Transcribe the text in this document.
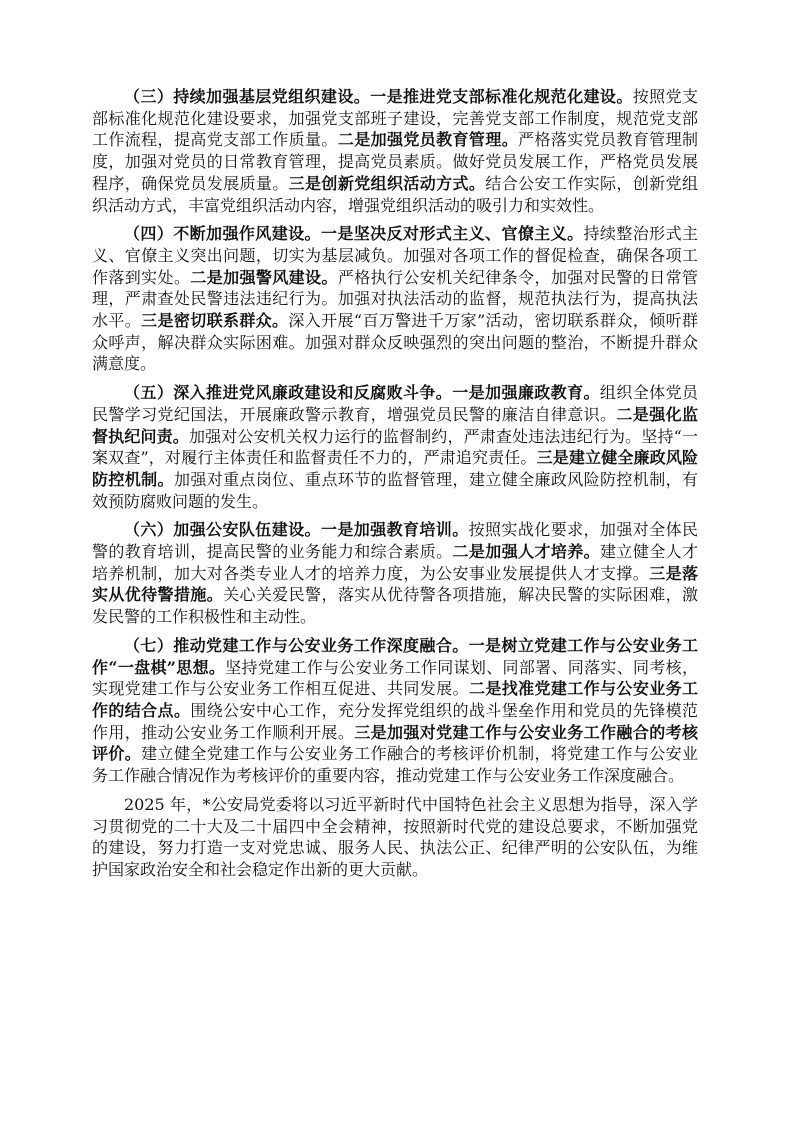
（三）持续加强基层党组织建设。一是推进党支部标准化规范化建设。按照党支部标准化规范化建设要求，加强党支部班子建设，完善党支部工作制度，规范党支部工作流程，提高党支部工作质量。二是加强党员教育管理。严格落实党员教育管理制度，加强对党员的日常教育管理，提高党员素质。做好党员发展工作，严格党员发展程序，确保党员发展质量。三是创新党组织活动方式。结合公安工作实际，创新党组织活动方式，丰富党组织活动内容，增强党组织活动的吸引力和实效性。

（四）不断加强作风建设。一是坚决反对形式主义、官僚主义。持续整治形式主义、官僚主义突出问题，切实为基层减负。加强对各项工作的督促检查，确保各项工作落到实处。二是加强警风建设。严格执行公安机关纪律条令，加强对民警的日常管理，严肃查处民警违法违纪行为。加强对执法活动的监督，规范执法行为，提高执法水平。三是密切联系群众。深入开展“百万警进千万家”活动，密切联系群众，倾听群众呼声，解决群众实际困难。加强对群众反映强烈的突出问题的整治，不断提升群众满意度。

（五）深入推进党风廉政建设和反腐败斗争。一是加强廉政教育。组织全体党员民警学习党纪国法，开展廉政警示教育，增强党员民警的廉洁自律意识。二是强化监督执纪问责。加强对公安机关权力运行的监督制约，严肃查处违法违纪行为。坚持“一案双查”，对履行主体责任和监督责任不力的，严肃追究责任。三是建立健全廉政风险防控机制。加强对重点岗位、重点环节的监督管理，建立健全廉政风险防控机制，有效预防腐败问题的发生。

（六）加强公安队伍建设。一是加强教育培训。按照实战化要求，加强对全体民警的教育培训，提高民警的业务能力和综合素质。二是加强人才培养。建立健全人才培养机制，加大对各类专业人才的培养力度，为公安事业发展提供人才支撑。三是落实从优待警措施。关心关爱民警，落实从优待警各项措施，解决民警的实际困难，激发民警的工作积极性和主动性。

（七）推动党建工作与公安业务工作深度融合。一是树立党建工作与公安业务工作“一盘棋”思想。坚持党建工作与公安业务工作同谋划、同部署、同落实、同考核，实现党建工作与公安业务工作相互促进、共同发展。二是找准党建工作与公安业务工作的结合点。围绕公安中心工作，充分发挥党组织的战斗堡垒作用和党员的先锋模范作用，推动公安业务工作顺利开展。三是加强对党建工作与公安业务工作融合的考核评价。建立健全党建工作与公安业务工作融合的考核评价机制，将党建工作与公安业务工作融合情况作为考核评价的重要内容，推动党建工作与公安业务工作深度融合。

2025 年，*公安局党委将以习近平新时代中国特色社会主义思想为指导，深入学习贯彻党的二十大及二十届四中全会精神，按照新时代党的建设总要求，不断加强党的建设，努力打造一支对党忠诚、服务人民、执法公正、纪律严明的公安队伍，为维护国家政治安全和社会稳定作出新的更大贡献。
